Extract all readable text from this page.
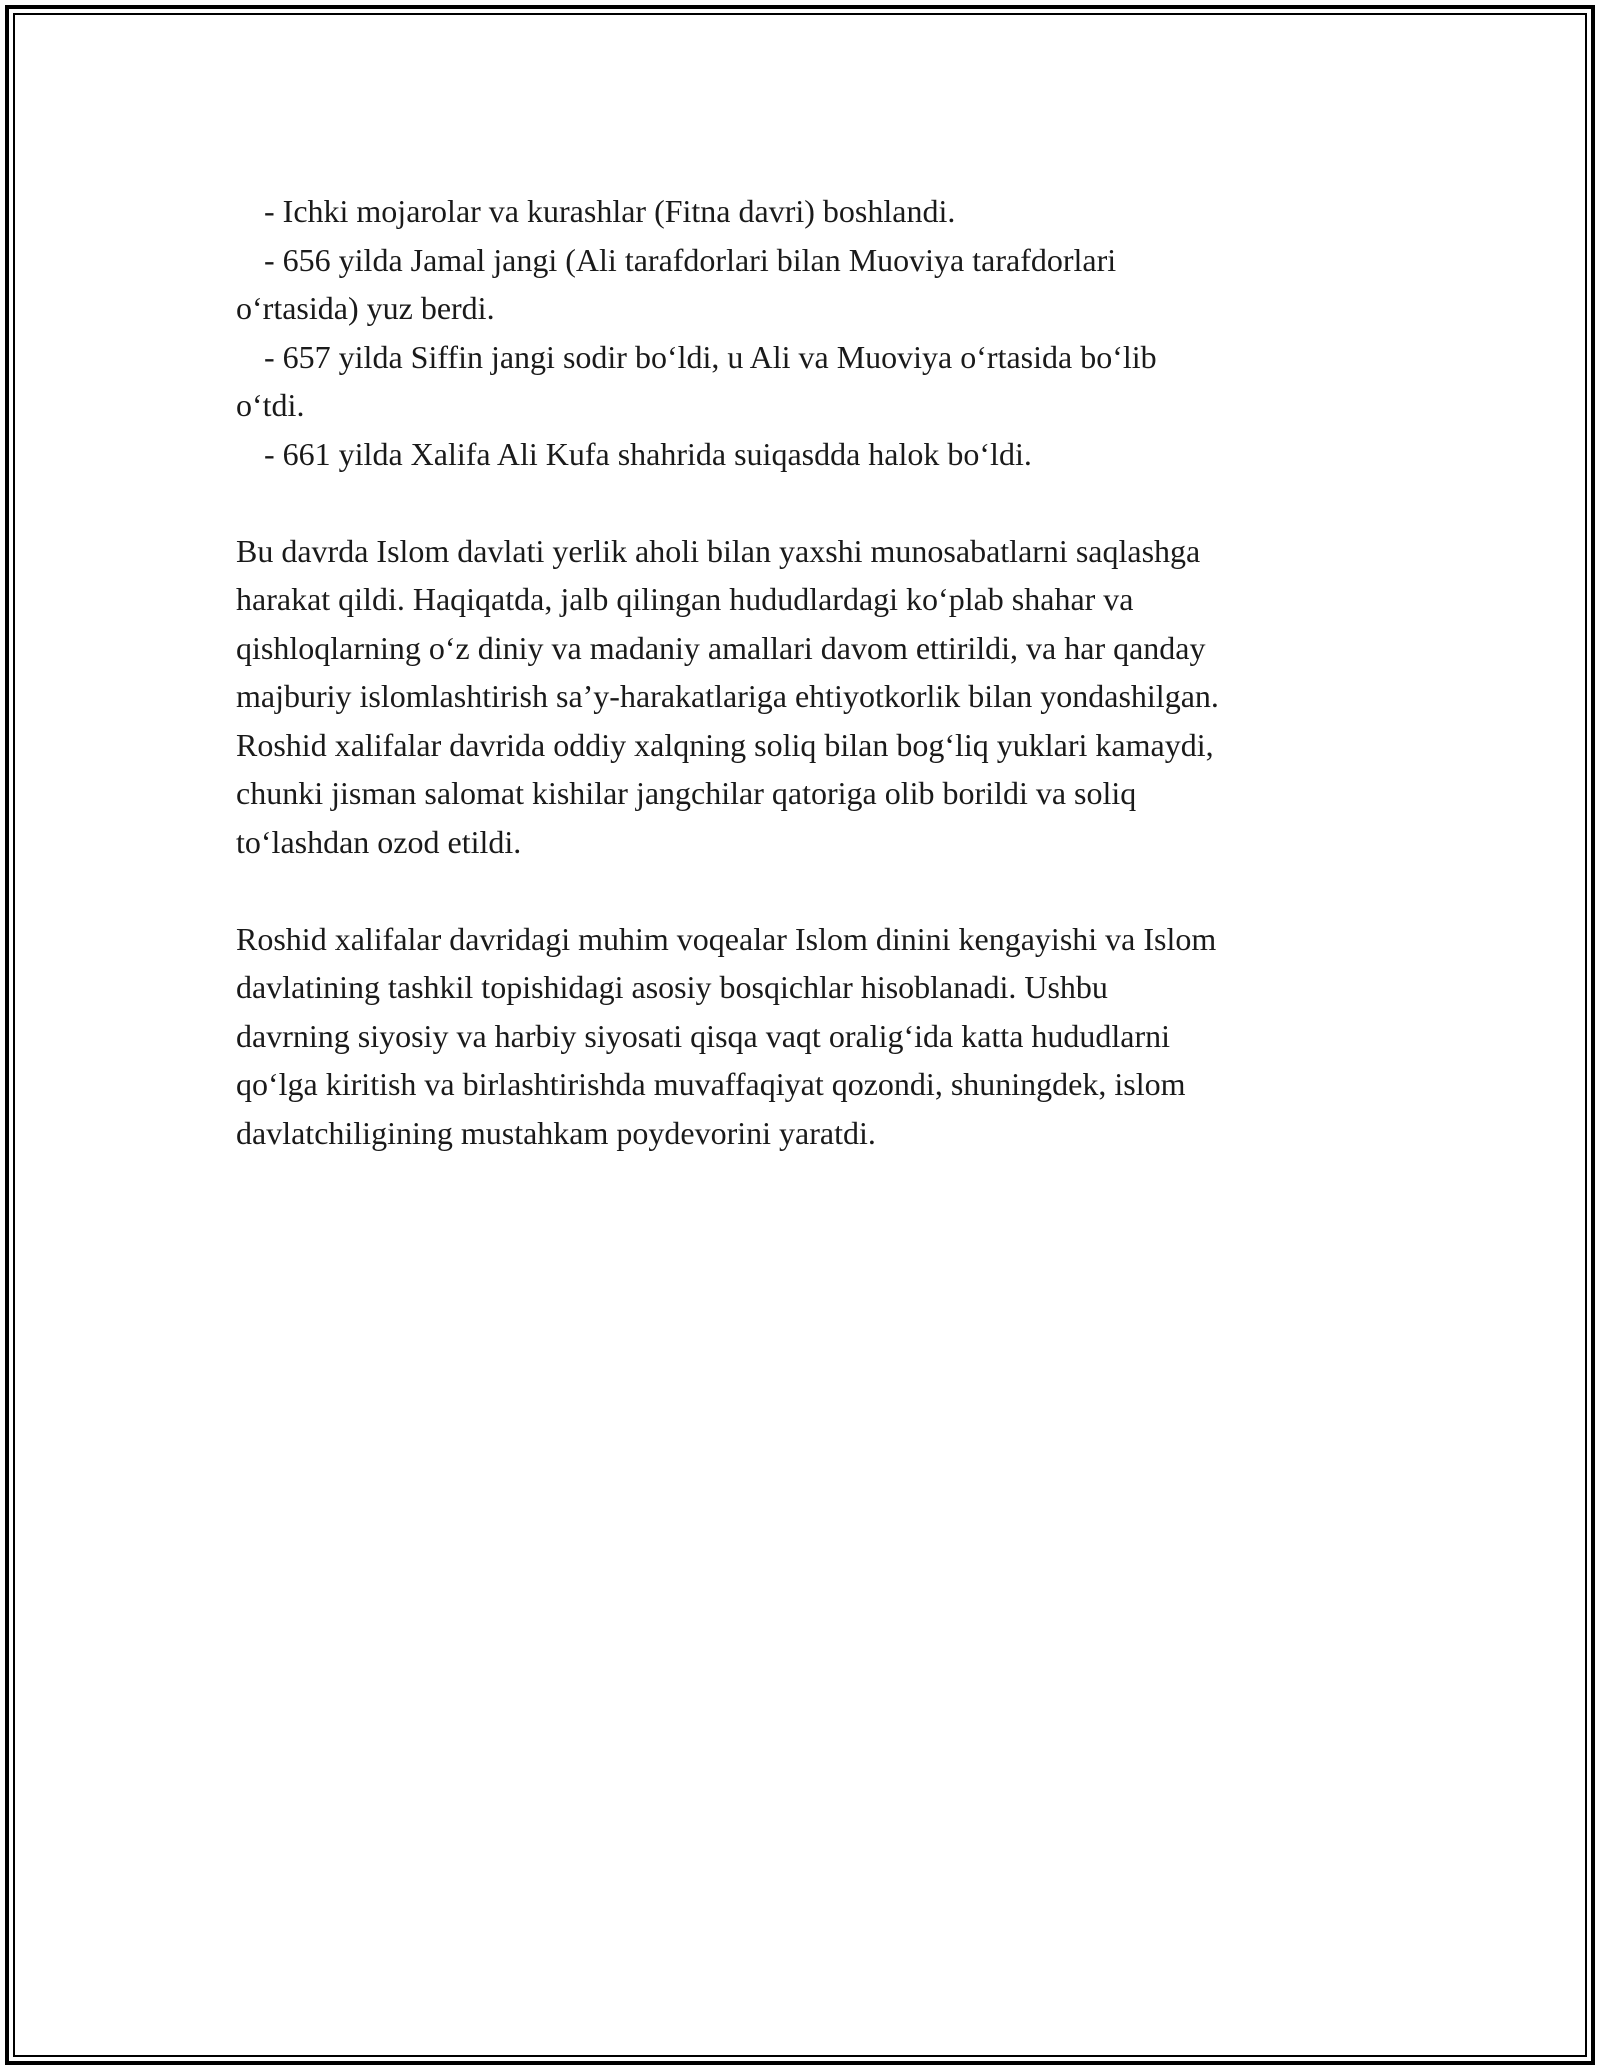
- Ichki mojarolar va kurashlar (Fitna davri) boshlandi.
- 656 yilda Jamal jangi (Ali tarafdorlari bilan Muoviya tarafdorlari
o‘rtasida) yuz berdi.
- 657 yilda Siffin jangi sodir bo‘ldi, u Ali va Muoviya o‘rtasida bo‘lib
o‘tdi.
- 661 yilda Xalifa Ali Kufa shahrida suiqasdda halok bo‘ldi.
Bu davrda Islom davlati yerlik aholi bilan yaxshi munosabatlarni saqlashga
harakat qildi. Haqiqatda, jalb qilingan hududlardagi ko‘plab shahar va
qishloqlarning o‘z diniy va madaniy amallari davom ettirildi, va har qanday
majburiy islomlashtirish sa’y-harakatlariga ehtiyotkorlik bilan yondashilgan.
Roshid xalifalar davrida oddiy xalqning soliq bilan bog‘liq yuklari kamaydi,
chunki jisman salomat kishilar jangchilar qatoriga olib borildi va soliq
to‘lashdan ozod etildi.
Roshid xalifalar davridagi muhim voqealar Islom dinini kengayishi va Islom
davlatining tashkil topishidagi asosiy bosqichlar hisoblanadi. Ushbu
davrning siyosiy va harbiy siyosati qisqa vaqt oralig‘ida katta hududlarni
qo‘lga kiritish va birlashtirishda muvaffaqiyat qozondi, shuningdek, islom
davlatchiligining mustahkam poydevorini yaratdi.
